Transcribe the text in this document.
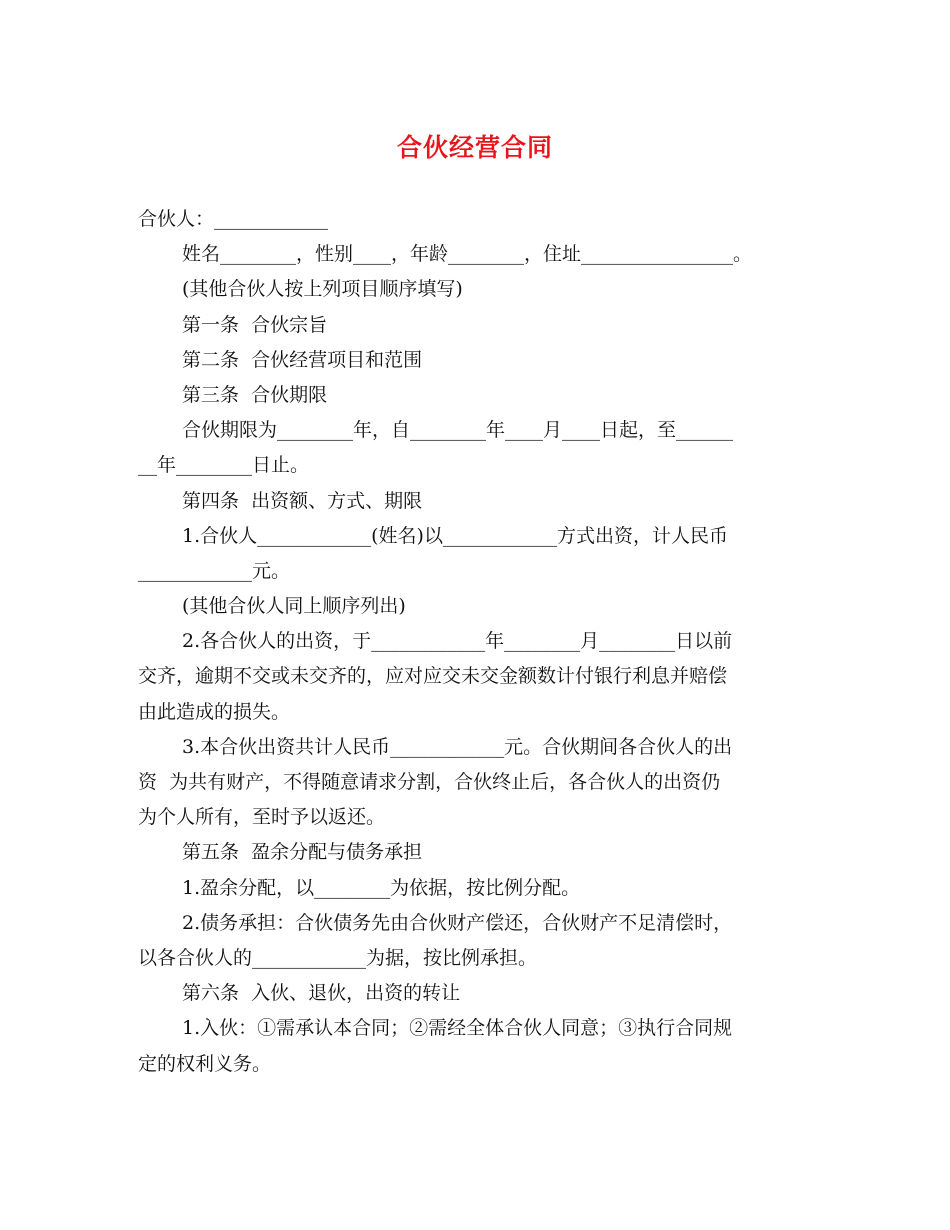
合伙经营合同
合伙人：____________
姓名________，性别____，年龄________，住址________________。
(其他合伙人按上列项目顺序填写)
第一条  合伙宗旨
第二条  合伙经营项目和范围
第三条  合伙期限
合伙期限为________年，自________年____月____日起，至______
__年________日止。
第四条  出资额、方式、期限
1.合伙人____________(姓名)以____________方式出资，计人民币
____________元。
(其他合伙人同上顺序列出)
2.各合伙人的出资，于____________年________月________日以前
交齐，逾期不交或未交齐的，应对应交未交金额数计付银行利息并赔偿
由此造成的损失。
3.本合伙出资共计人民币____________元。合伙期间各合伙人的出
资  为共有财产，不得随意请求分割，合伙终止后，各合伙人的出资仍
为个人所有，至时予以返还。
第五条  盈余分配与债务承担
1.盈余分配，以________为依据，按比例分配。
2.债务承担：合伙债务先由合伙财产偿还，合伙财产不足清偿时，
以各合伙人的____________为据，按比例承担。
第六条  入伙、退伙，出资的转让
1.入伙：①需承认本合同；②需经全体合伙人同意；③执行合同规
定的权利义务。
